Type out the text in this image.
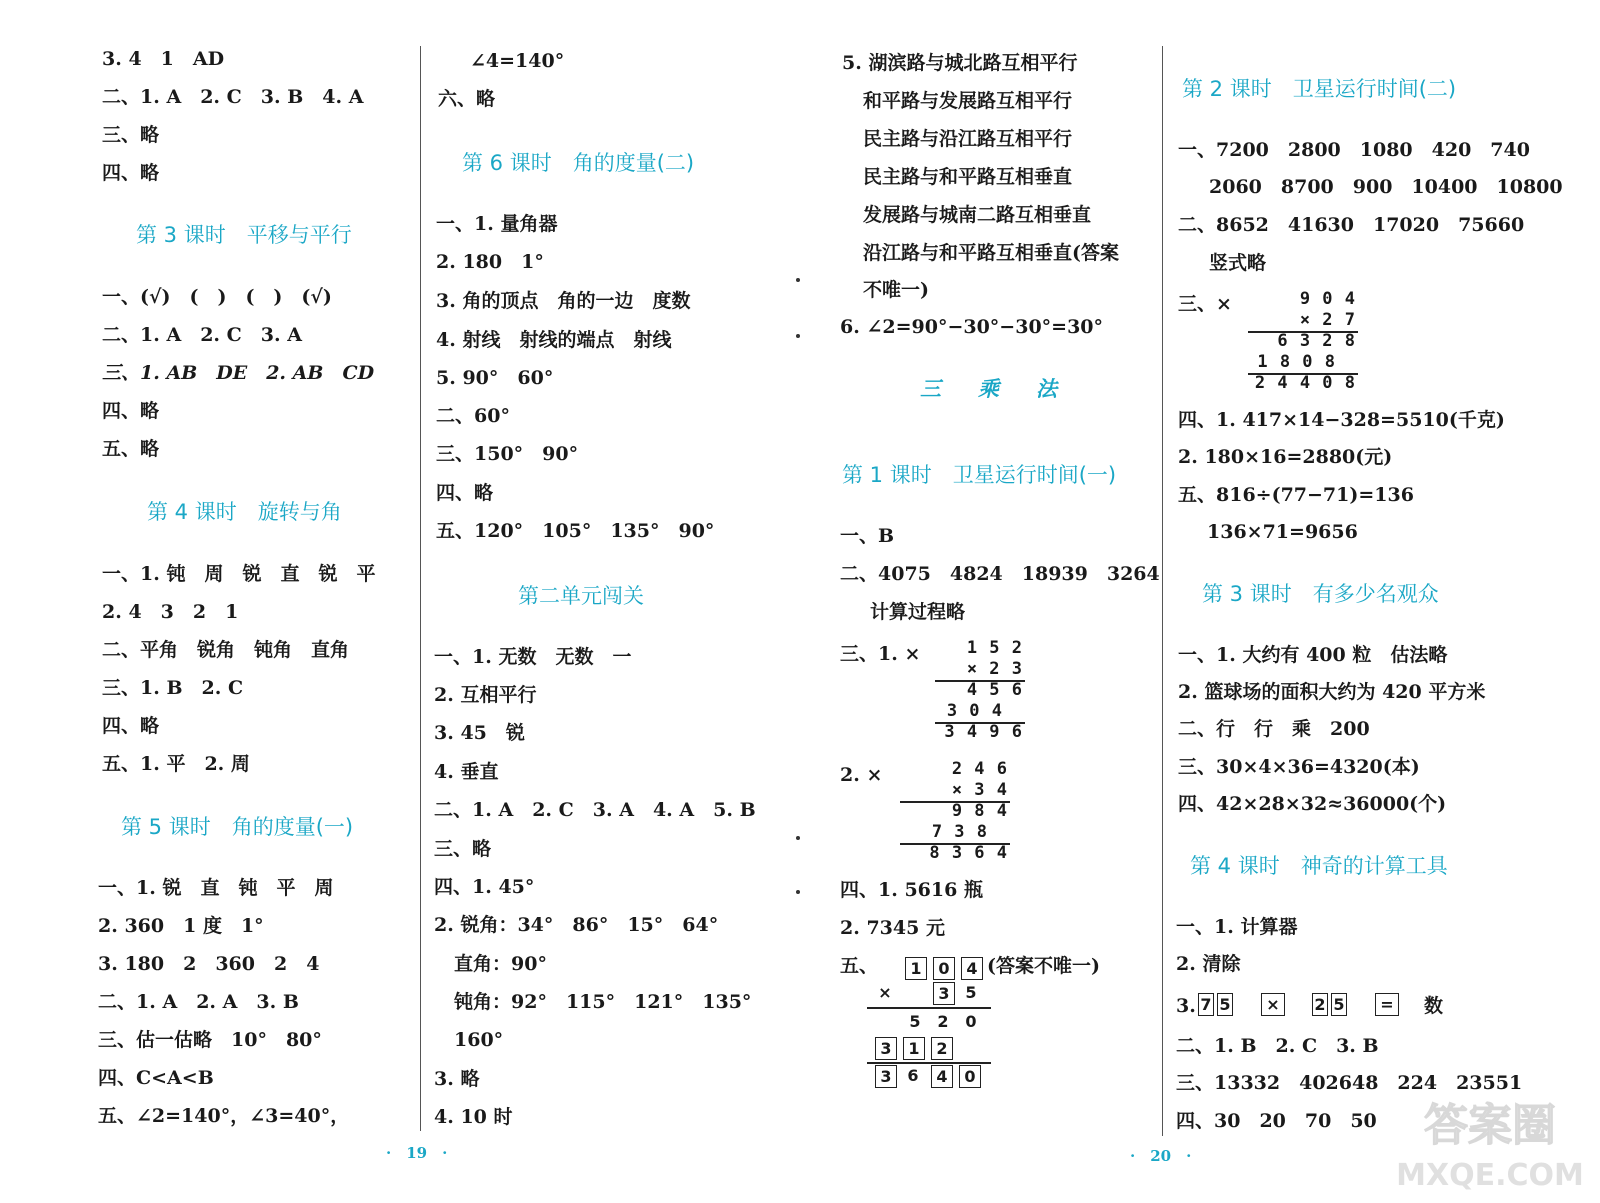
3. 4　1　AD
二、1. A　2. C　3. B　4. A
三、略
四、略
第 3 课时　平移与平行
一、(√)　(　)　(　)　(√)
二、1. A　2. C　3. A
三、1. AB　DE　2. AB　CD
四、略
五、略
第 4 课时　旋转与角
一、1. 钝　周　锐　直　锐　平
2. 4　3　2　1
二、平角　锐角　钝角　直角
三、1. B　2. C
四、略
五、1. 平　2. 周
第 5 课时　角的度量(一)
一、1. 锐　直　钝　平　周
2. 360　1 度　1°
3. 180　2　360　2　4
二、1. A　2. A　3. B
三、估一估略　10°　80°
四、C<A<B
五、∠2=140°，∠3=40°，
∠4=140°
六、略
第 6 课时　角的度量(二)
一、1. 量角器
2. 180　1°
3. 角的顶点　角的一边　度数
4. 射线　射线的端点　射线
5. 90°　60°
二、60°
三、150°　90°
四、略
五、120°　105°　135°　90°
第二单元闯关
一、1. 无数　无数　一
2. 互相平行
3. 45　锐
4. 垂直
二、1. A　2. C　3. A　4. A　5. B
三、略
四、1. 45°
2. 锐角：34°　86°　15°　64°
直角：90°
钝角：92°　115°　121°　135°
160°
3. 略
4. 10 时
5. 湖滨路与城北路互相平行
和平路与发展路互相平行
民主路与沿江路互相平行
民主路与和平路互相垂直
发展路与城南二路互相垂直
沿江路与和平路互相垂直(答案
不唯一)
6. ∠2=90°−30°−30°=30°
三　乘　法
第 1 课时　卫星运行时间(一)
一、B
二、4075　4824　18939　3264
计算过程略
三、1. ×	1 5 2
× 2 3
4 5 6
3 0 4
3 4 9 6
2. ×	2 4 6
× 3 4
9 8 4
7 3 8
8 3 6 4
四、1. 5616 瓶
2. 7345 元
五、	1	0	4 (答案不唯一)
×	3 5
5 2 0
3	1	2
3 6	4	0
第 2 课时　卫星运行时间(二)
一、7200　2800　1080　420　740
2060　8700　900　10400　10800
二、8652　41630　17020　75660
竖式略
三、×	9 0 4
× 2 7
6 3 2 8
1 8 0 8
2 4 4 0 8
四、1. 417×14−328=5510(千克)
2. 180×16=2880(元)
五、816÷(77−71)=136
136×71=9656
第 3 课时　有多少名观众
一、1. 大约有 400 粒　估法略
2. 篮球场的面积大约为 420 平方米
二、行　行　乘　200
三、30×4×36=4320(本)
四、42×28×32≈36000(个)
第 4 课时　神奇的计算工具
一、1. 计算器
2. 清除
3. 7 5	×	2 5	= 数
二、1. B　2. C　3. B
三、13332　402648　224　23551
四、30　20　70　50
·　19　·	·　20　·
答案圈
MXQE.COM
